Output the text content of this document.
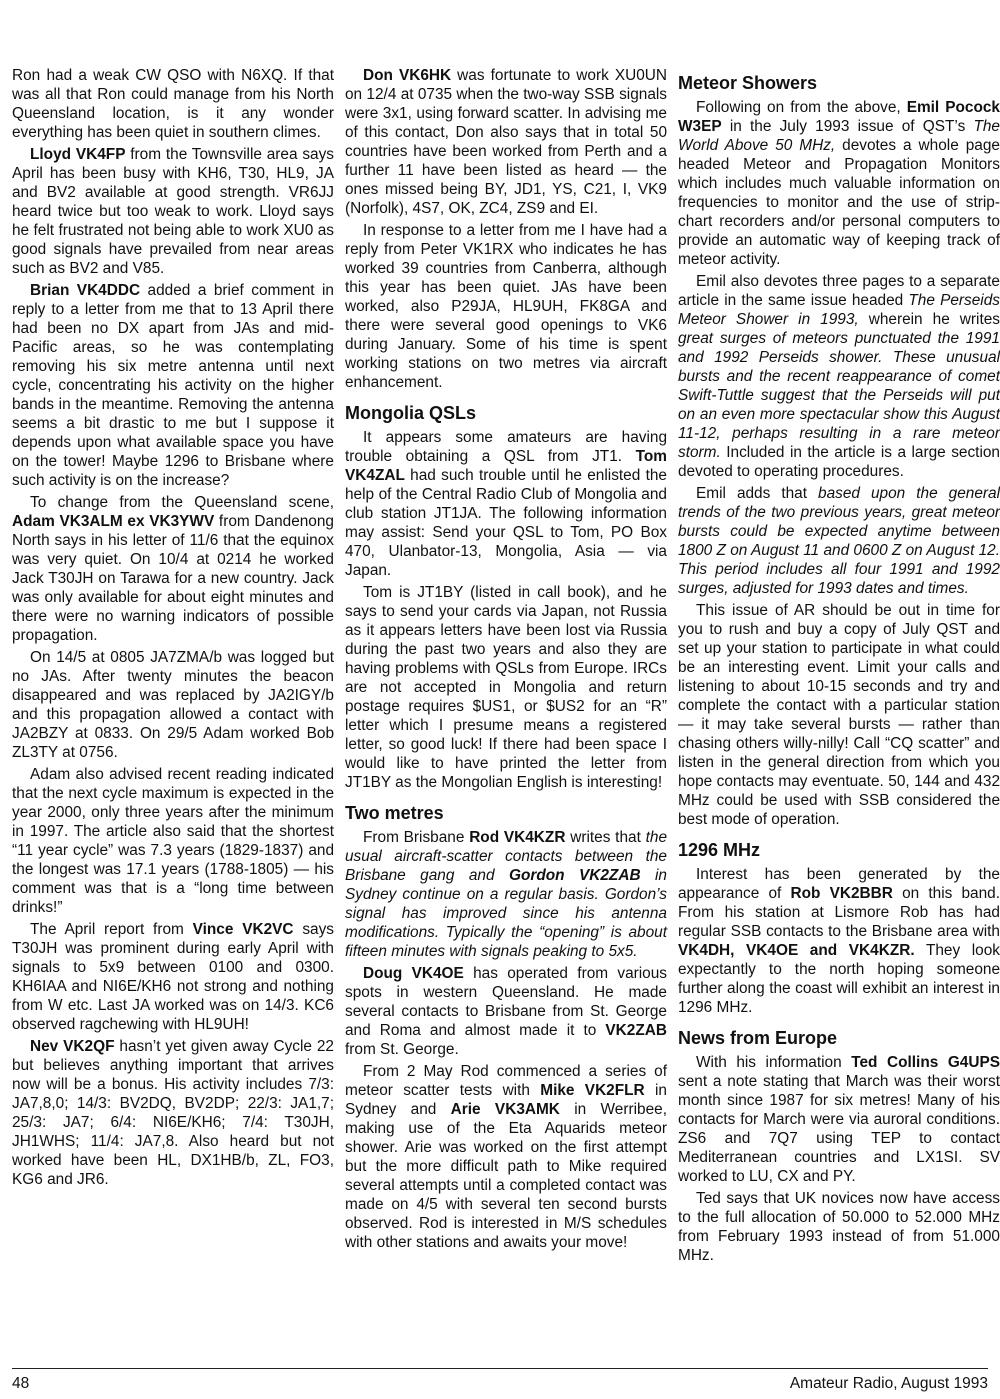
Ron had a weak CW QSO with N6XQ. If that was all that Ron could manage from his North Queensland location, is it any wonder everything has been quiet in southern climes.

Lloyd VK4FP from the Townsville area says April has been busy with KH6, T30, HL9, JA and BV2 available at good strength. VR6JJ heard twice but too weak to work. Lloyd says he felt frustrated not being able to work XU0 as good signals have prevailed from near areas such as BV2 and V85.

Brian VK4DDC added a brief comment in reply to a letter from me that to 13 April there had been no DX apart from JAs and mid-Pacific areas, so he was contemplating removing his six metre antenna until next cycle, concentrating his activity on the higher bands in the meantime. Removing the antenna seems a bit drastic to me but I suppose it depends upon what available space you have on the tower! Maybe 1296 to Brisbane where such activity is on the increase?

To change from the Queensland scene, Adam VK3ALM ex VK3YWV from Dandenong North says in his letter of 11/6 that the equinox was very quiet. On 10/4 at 0214 he worked Jack T30JH on Tarawa for a new country. Jack was only available for about eight minutes and there were no warning indicators of possible propagation.

On 14/5 at 0805 JA7ZMA/b was logged but no JAs. After twenty minutes the beacon disappeared and was replaced by JA2IGY/b and this propagation allowed a contact with JA2BZY at 0833. On 29/5 Adam worked Bob ZL3TY at 0756.

Adam also advised recent reading indicated that the next cycle maximum is expected in the year 2000, only three years after the minimum in 1997. The article also said that the shortest “11 year cycle” was 7.3 years (1829-1837) and the longest was 17.1 years (1788-1805) — his comment was that is a “long time between drinks!”

The April report from Vince VK2VC says T30JH was prominent during early April with signals to 5x9 between 0100 and 0300. KH6IAA and NI6E/KH6 not strong and nothing from W etc. Last JA worked was on 14/3. KC6 observed ragchewing with HL9UH!

Nev VK2QF hasn’t yet given away Cycle 22 but believes anything important that arrives now will be a bonus. His activity includes 7/3: JA7,8,0; 14/3: BV2DQ, BV2DP; 22/3: JA1,7; 25/3: JA7; 6/4: NI6E/KH6; 7/4: T30JH, JH1WHS; 11/4: JA7,8. Also heard but not worked have been HL, DX1HB/b, ZL, FO3, KG6 and JR6.

Don VK6HK was fortunate to work XU0UN on 12/4 at 0735 when the two-way SSB signals were 3x1, using forward scatter. In advising me of this contact, Don also says that in total 50 countries have been worked from Perth and a further 11 have been listed as heard — the ones missed being BY, JD1, YS, C21, I, VK9 (Norfolk), 4S7, OK, ZC4, ZS9 and EI.

In response to a letter from me I have had a reply from Peter VK1RX who indicates he has worked 39 countries from Canberra, although this year has been quiet. JAs have been worked, also P29JA, HL9UH, FK8GA and there were several good openings to VK6 during January. Some of his time is spent working stations on two metres via aircraft enhancement.

Mongolia QSLs

It appears some amateurs are having trouble obtaining a QSL from JT1. Tom VK4ZAL had such trouble until he enlisted the help of the Central Radio Club of Mongolia and club station JT1JA. The following information may assist: Send your QSL to Tom, PO Box 470, Ulanbator-13, Mongolia, Asia — via Japan.

Tom is JT1BY (listed in call book), and he says to send your cards via Japan, not Russia as it appears letters have been lost via Russia during the past two years and also they are having problems with QSLs from Europe. IRCs are not accepted in Mongolia and return postage requires $US1, or $US2 for an “R” letter which I presume means a registered letter, so good luck! If there had been space I would like to have printed the letter from JT1BY as the Mongolian English is interesting!

Two metres

From Brisbane Rod VK4KZR writes that the usual aircraft-scatter contacts between the Brisbane gang and Gordon VK2ZAB in Sydney continue on a regular basis. Gordon’s signal has improved since his antenna modifications. Typically the “opening” is about fifteen minutes with signals peaking to 5x5.

Doug VK4OE has operated from various spots in western Queensland. He made several contacts to Brisbane from St. George and Roma and almost made it to VK2ZAB from St. George.

From 2 May Rod commenced a series of meteor scatter tests with Mike VK2FLR in Sydney and Arie VK3AMK in Werribee, making use of the Eta Aquarids meteor shower. Arie was worked on the first attempt but the more difficult path to Mike required several attempts until a completed contact was made on 4/5 with several ten second bursts observed. Rod is interested in M/S schedules with other stations and awaits your move!

Meteor Showers

Following on from the above, Emil Pocock W3EP in the July 1993 issue of QST’s The World Above 50 MHz, devotes a whole page headed Meteor and Propagation Monitors which includes much valuable information on frequencies to monitor and the use of strip-chart recorders and/or personal computers to provide an automatic way of keeping track of meteor activity.

Emil also devotes three pages to a separate article in the same issue headed The Perseids Meteor Shower in 1993, wherein he writes great surges of meteors punctuated the 1991 and 1992 Perseids shower. These unusual bursts and the recent reappearance of comet Swift-Tuttle suggest that the Perseids will put on an even more spectacular show this August 11-12, perhaps resulting in a rare meteor storm. Included in the article is a large section devoted to operating procedures.

Emil adds that based upon the general trends of the two previous years, great meteor bursts could be expected anytime between 1800 Z on August 11 and 0600 Z on August 12. This period includes all four 1991 and 1992 surges, adjusted for 1993 dates and times.

This issue of AR should be out in time for you to rush and buy a copy of July QST and set up your station to participate in what could be an interesting event. Limit your calls and listening to about 10-15 seconds and try and complete the contact with a particular station — it may take several bursts — rather than chasing others willy-nilly! Call “CQ scatter” and listen in the general direction from which you hope contacts may eventuate. 50, 144 and 432 MHz could be used with SSB considered the best mode of operation.

1296 MHz

Interest has been generated by the appearance of Rob VK2BBR on this band. From his station at Lismore Rob has had regular SSB contacts to the Brisbane area with VK4DH, VK4OE and VK4KZR. They look expectantly to the north hoping someone further along the coast will exhibit an interest in 1296 MHz.

News from Europe

With his information Ted Collins G4UPS sent a note stating that March was their worst month since 1987 for six metres! Many of his contacts for March were via auroral conditions. ZS6 and 7Q7 using TEP to contact Mediterranean countries and LX1SI. SV worked to LU, CX and PY.

Ted says that UK novices now have access to the full allocation of 50.000 to 52.000 MHz from February 1993 instead of from 51.000 MHz.

48	Amateur Radio, August 1993
